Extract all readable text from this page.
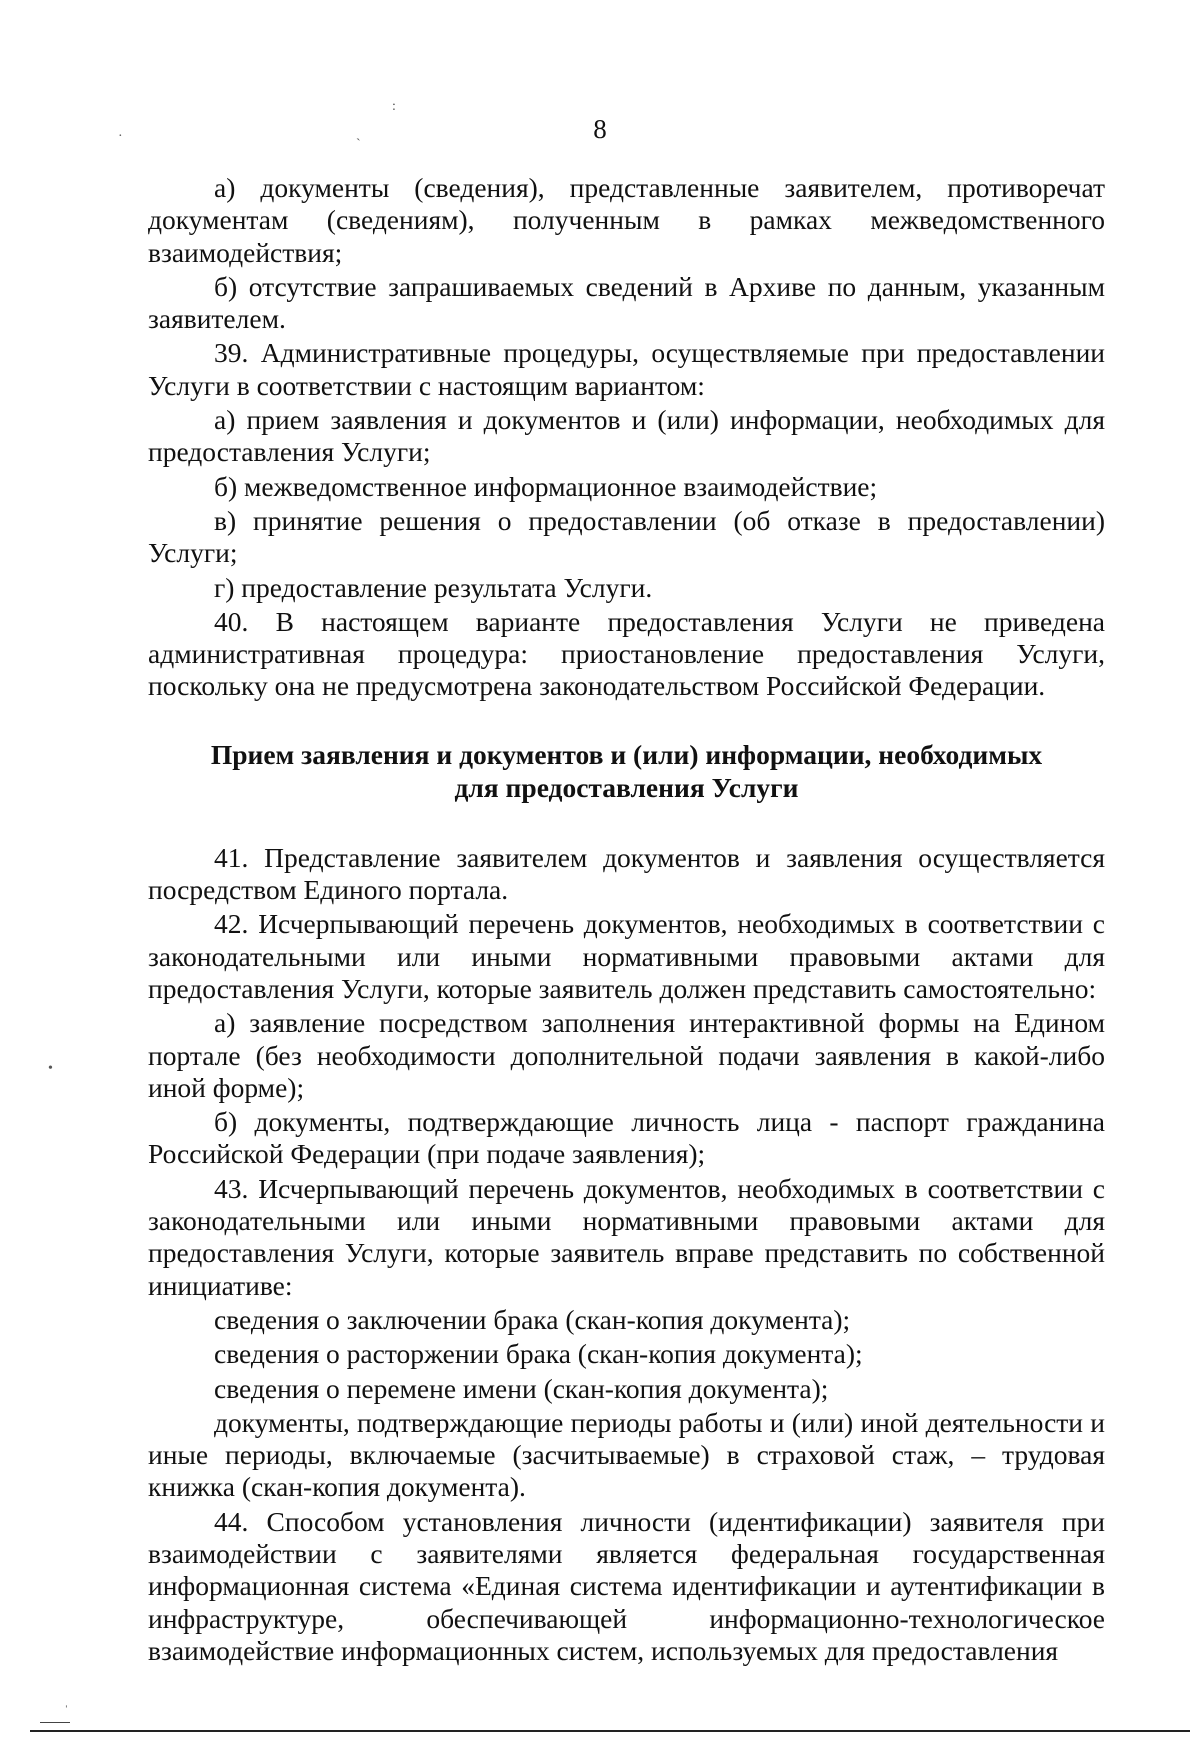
:
·
ˋ
•
ˈ
8

а) документы (сведения), представленные заявителем, противоречат документам (сведениям), полученным в рамках межведомственного взаимодействия;

б) отсутствие запрашиваемых сведений в Архиве по данным, указанным заявителем.

39. Административные процедуры, осуществляемые при предоставлении Услуги в соответствии с настоящим вариантом:

а) прием заявления и документов и (или) информации, необходимых для предоставления Услуги;

б) межведомственное информационное взаимодействие;

в) принятие решения о предоставлении (об отказе в предоставлении) Услуги;

г) предоставление результата Услуги.

40. В настоящем варианте предоставления Услуги не приведена административная процедура: приостановление предоставления Услуги, поскольку она не предусмотрена законодательством Российской Федерации.

Прием заявления и документов и (или) информации, необходимых
для предоставления Услуги

41. Представление заявителем документов и заявления осуществляется посредством Единого портала.

42. Исчерпывающий перечень документов, необходимых в соответствии с законодательными или иными нормативными правовыми актами для предоставления Услуги, которые заявитель должен представить самостоятельно:

а) заявление посредством заполнения интерактивной формы на Едином портале (без необходимости дополнительной подачи заявления в какой-либо иной форме);

б) документы, подтверждающие личность лица - паспорт гражданина Российской Федерации (при подаче заявления);

43. Исчерпывающий перечень документов, необходимых в соответствии с законодательными или иными нормативными правовыми актами для предоставления Услуги, которые заявитель вправе представить по собственной инициативе:

сведения о заключении брака (скан-копия документа);

сведения о расторжении брака (скан-копия документа);

сведения о перемене имени (скан-копия документа);

документы, подтверждающие периоды работы и (или) иной деятельности и иные периоды, включаемые (засчитываемые) в страховой стаж, – трудовая книжка (скан-копия документа).

44. Способом установления личности (идентификации) заявителя при взаимодействии с заявителями является федеральная государственная информационная система «Единая система идентификации и аутентификации в инфраструктуре, обеспечивающей информационно-технологическое взаимодействие информационных систем, используемых для предоставления
